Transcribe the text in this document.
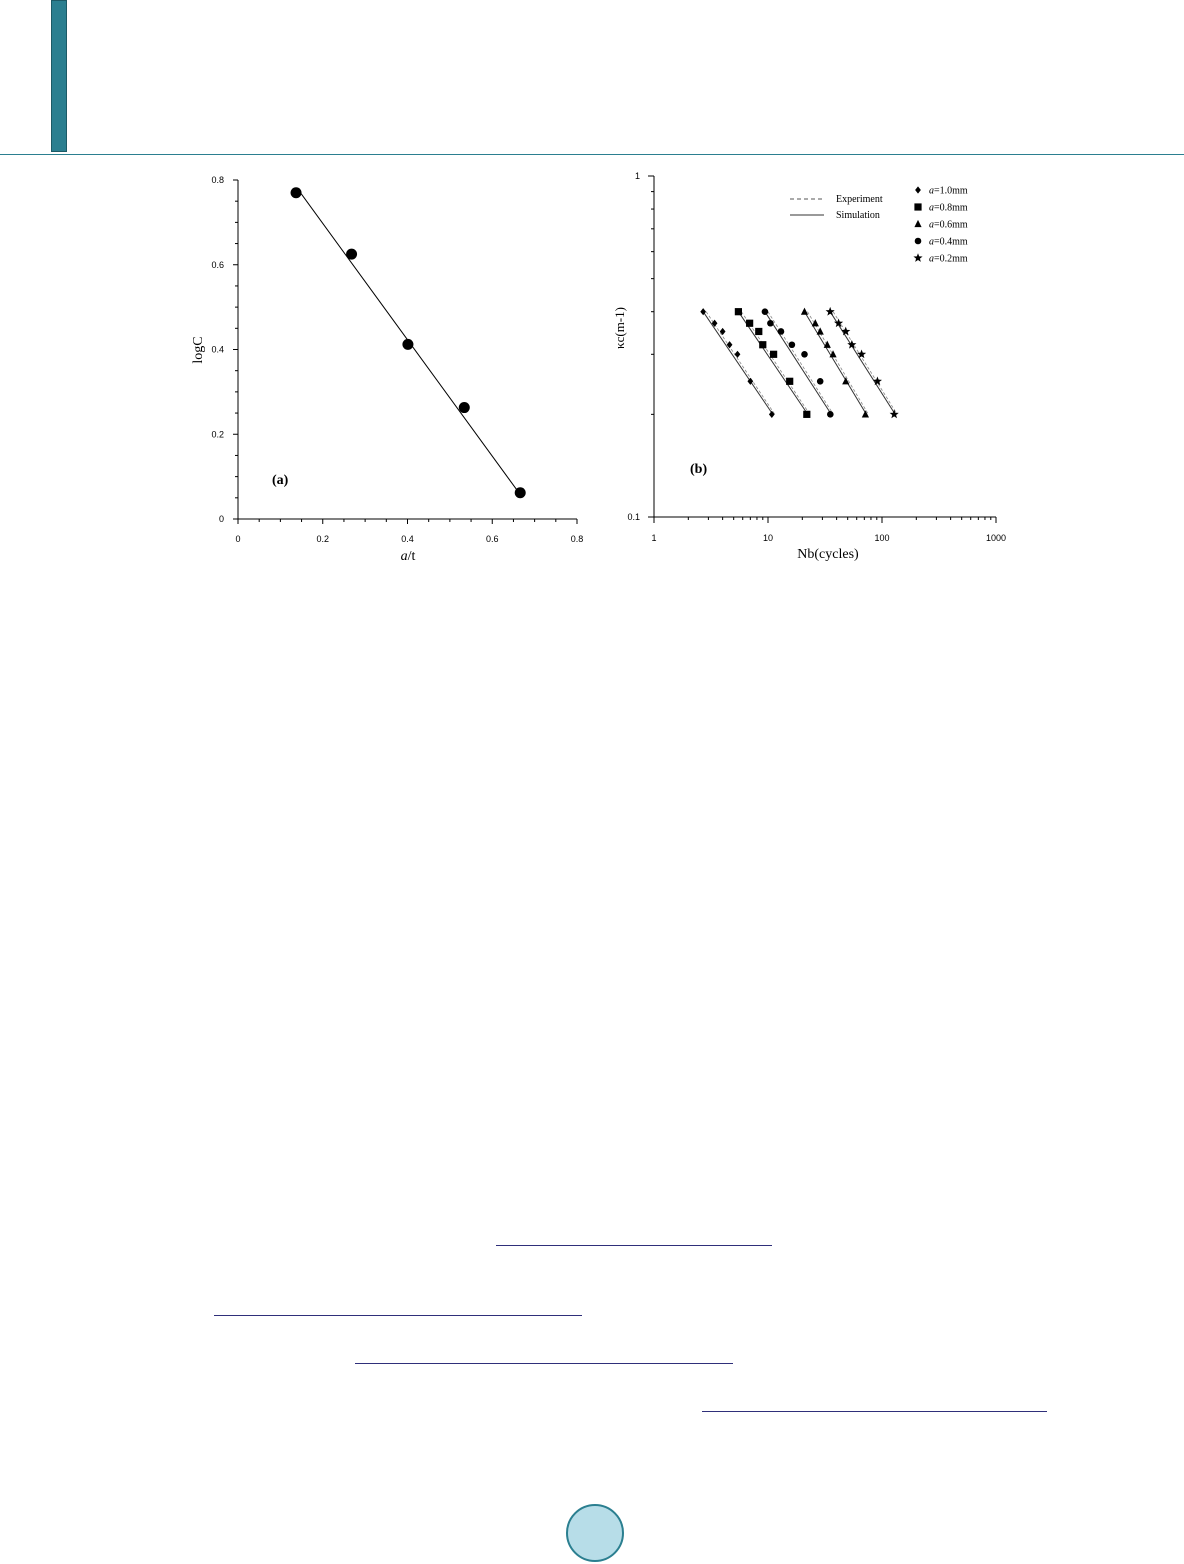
0	0.2	0.4	0.6	0.8
0
0.2
0.4
0.6
0.8
(a)
a/t
logC
1	10	100	1000
0.1
1
Experiment
Simulation
a=1.0mm
a=0.8mm
a=0.6mm
a=0.4mm
a=0.2mm
(b)
Nb(cycles)
κc(m-1)
